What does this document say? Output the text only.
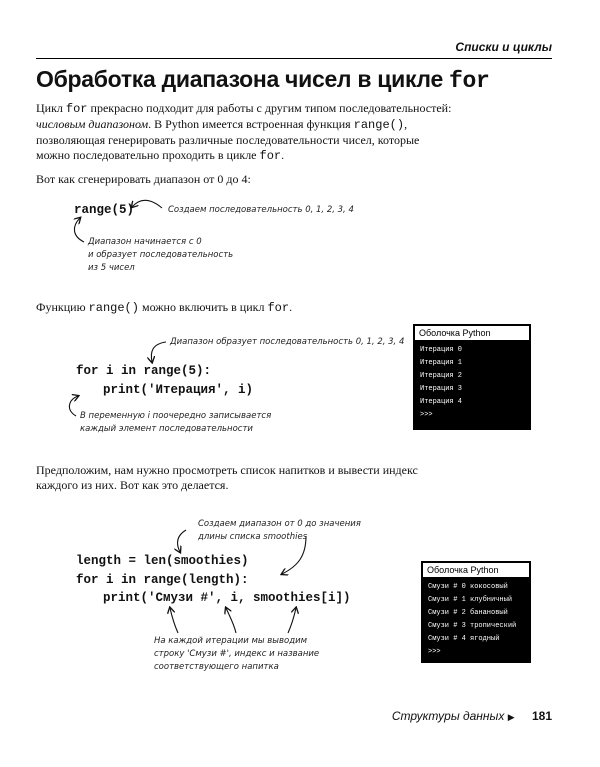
Списки и циклы
Обработка диапазона чисел в цикле for
Цикл for прекрасно подходит для работы с другим типом последовательностей: числовым диапазоном. В Python имеется встроенная функция range(), позволяющая генерировать различные последовательности чисел, которые можно последовательно проходить в цикле for.
Вот как сгенерировать диапазон от 0 до 4:
range(5)	Создаем последовательность 0, 1, 2, 3, 4
Диапазон начинается с 0
и образует последовательность
из 5 чисел
Функцию range() можно включить в цикл for.
Диапазон образует последовательность 0, 1, 2, 3, 4
for i in range(5):
print('Итерация', i)
В переменную i поочередно записывается
каждый элемент последовательности
Оболочка Python
Итерация 0
Итерация 1
Итерация 2
Итерация 3
Итерация 4
>>>
Предположим, нам нужно просмотреть список напитков и вывести индекс каждого из них. Вот как это делается.
Создаем диапазон от 0 до значения
длины списка smoothies
length = len(smoothies)
for i in range(length):
print('Смузи #', i, smoothies[i])
На каждой итерации мы выводим
строку 'Смузи #', индекс и название
соответствующего напитка
Оболочка Python
Смузи # 0 кокосовый
Смузи # 1 клубничный
Смузи # 2 банановый
Смузи # 3 тропический
Смузи # 4 ягодный
>>>
Структуры данных ▶ 181
